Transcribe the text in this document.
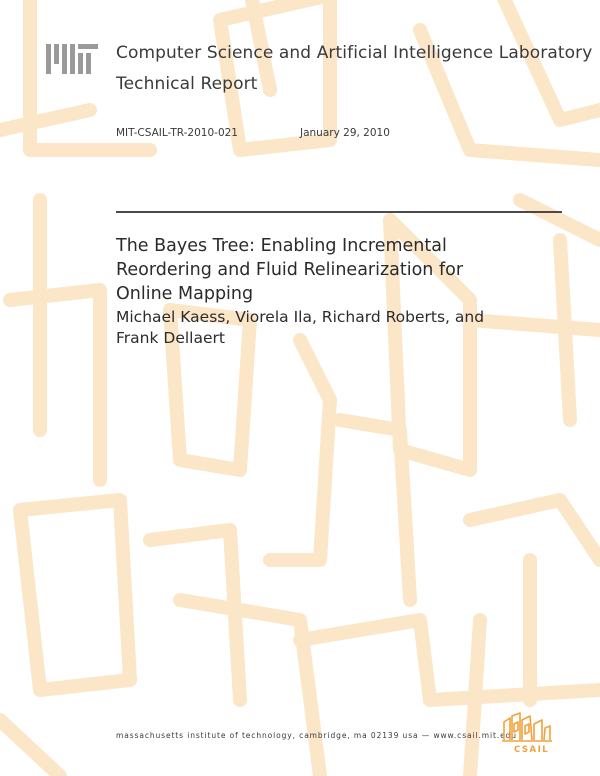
Computer Science and Artificial Intelligence Laboratory
Technical Report
MIT-CSAIL-TR-2010-021	January 29, 2010
The Bayes Tree: Enabling Incremental
Reordering and Fluid Relinearization for
Online Mapping
Michael Kaess, Viorela Ila, Richard Roberts, and
Frank Dellaert
massachusetts institute of technology, cambridge, ma 02139 usa — www.csail.mit.edu
CSAIL
